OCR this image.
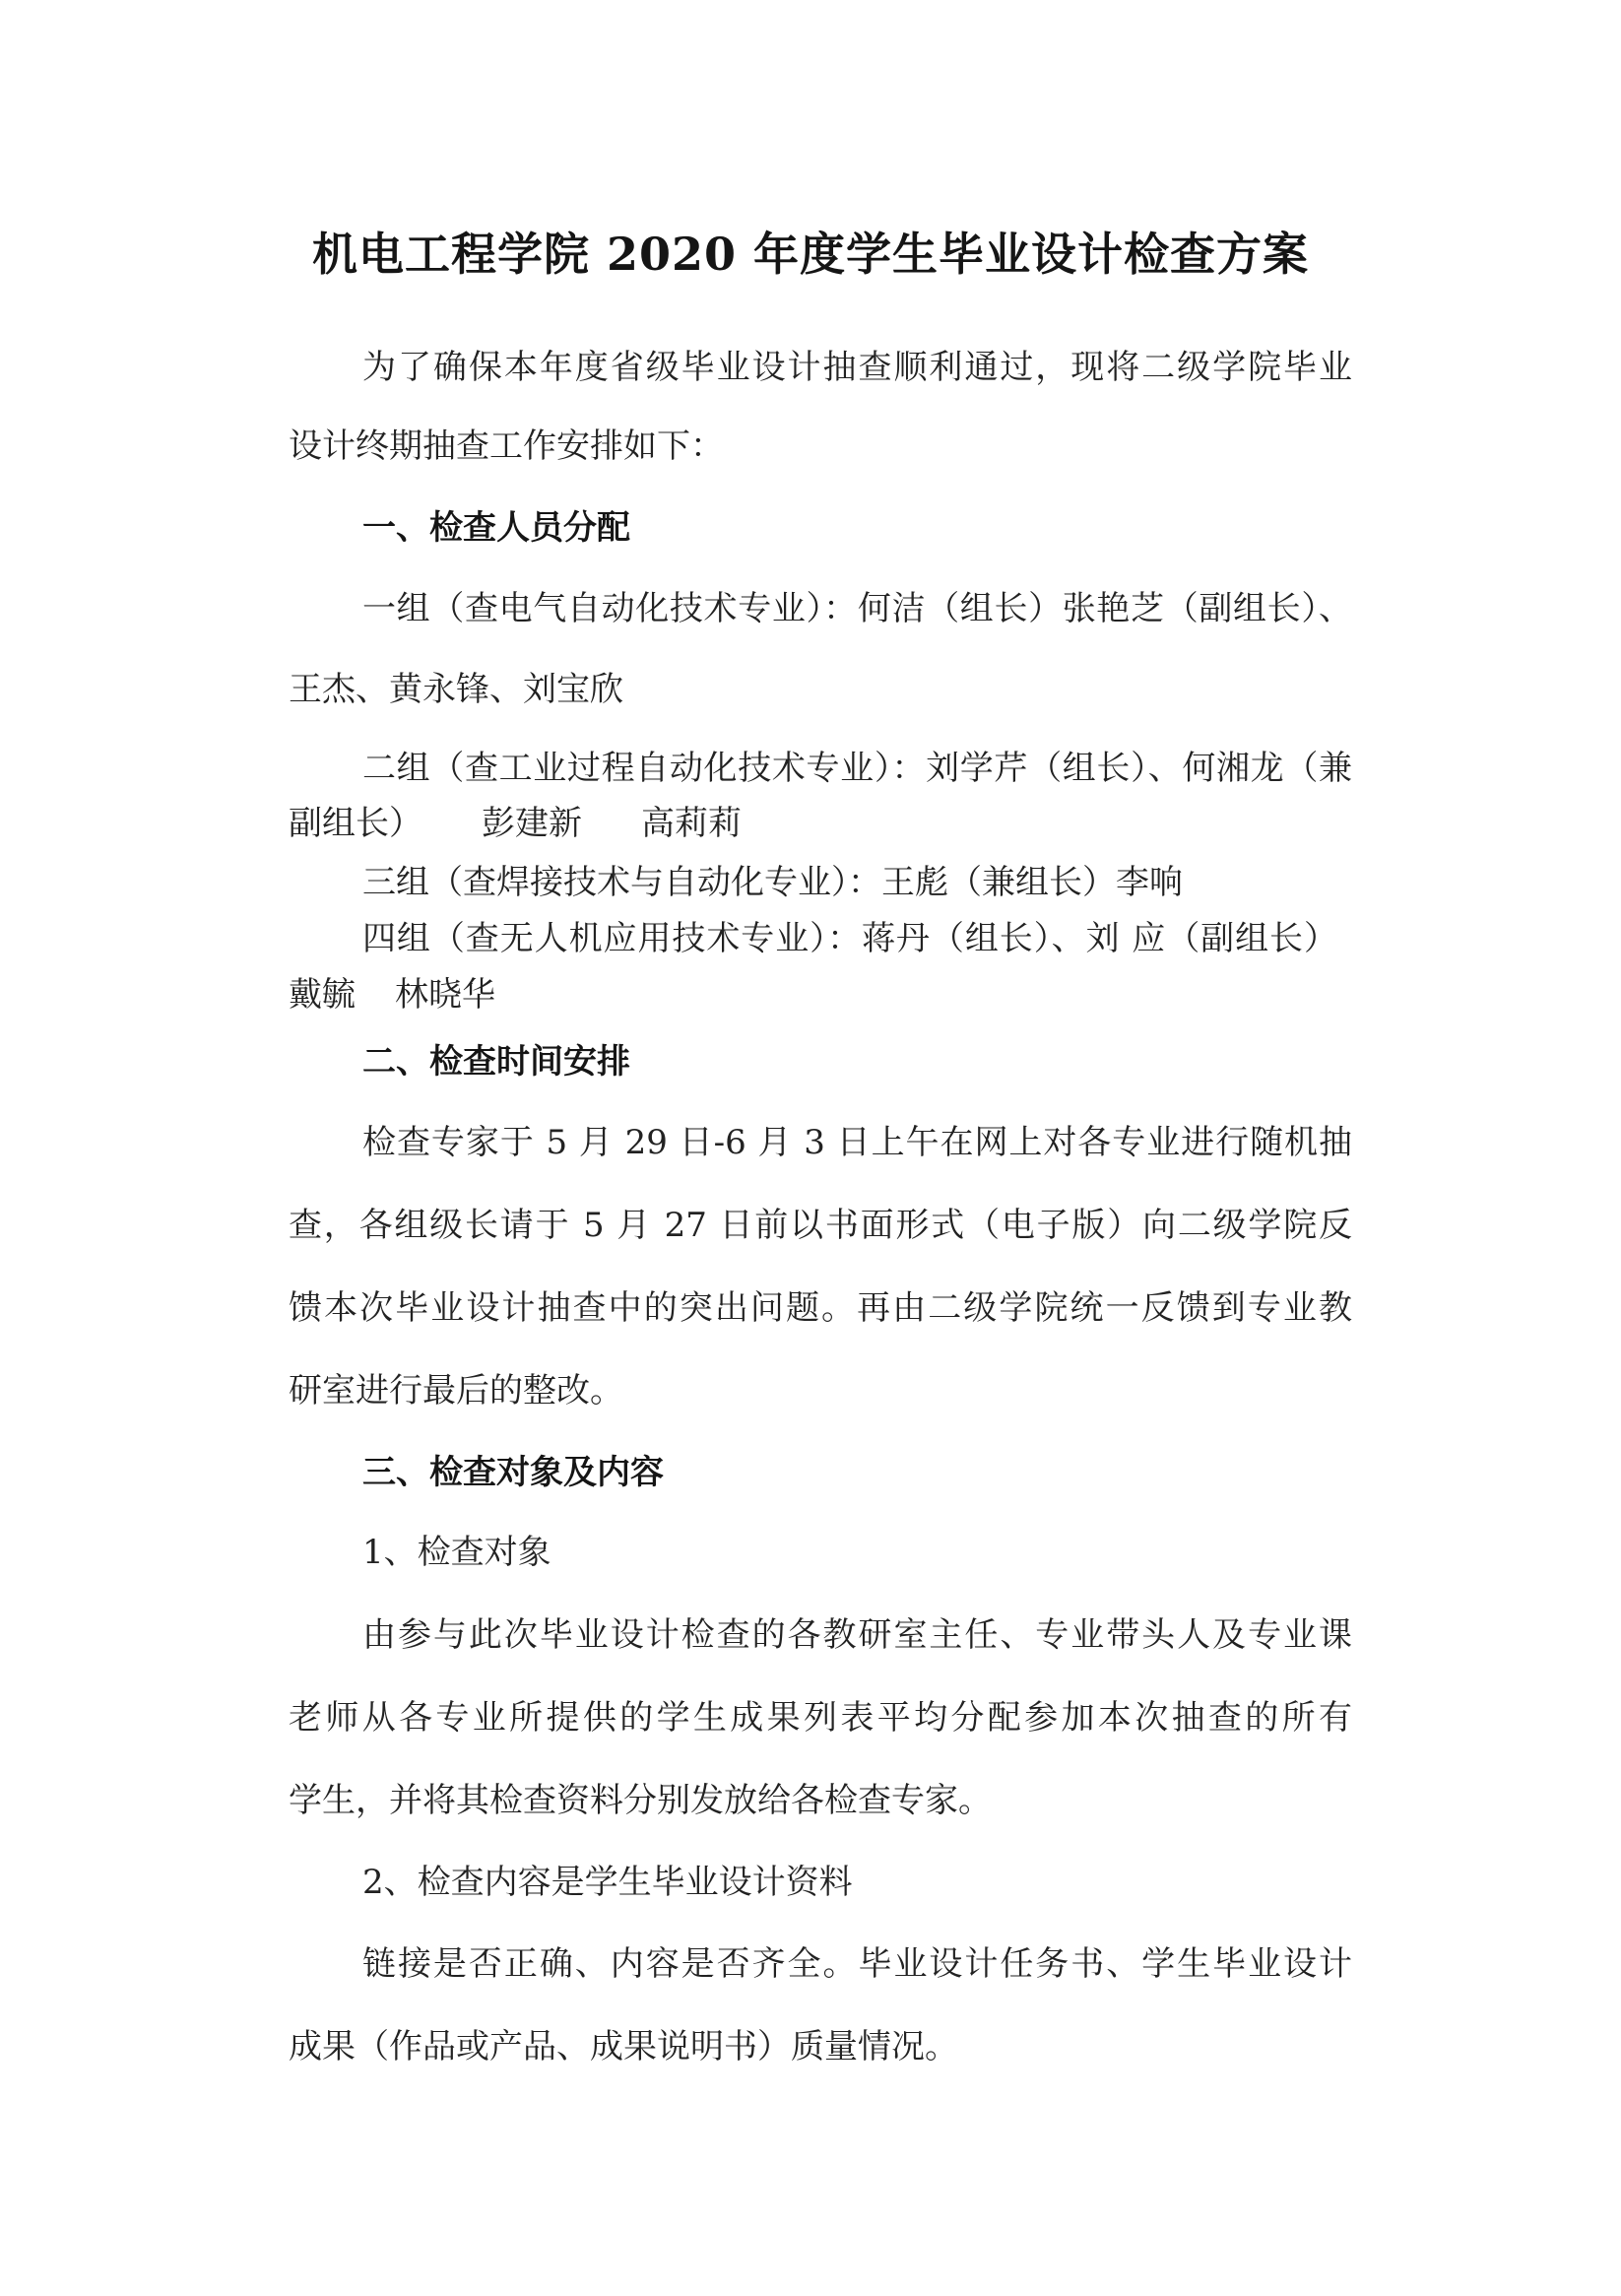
机电工程学院 2020 年度学生毕业设计检查方案
为了确保本年度省级毕业设计抽查顺利通过，现将二级学院毕业
设计终期抽查工作安排如下：
一、检查人员分配
一组（查电气自动化技术专业）：何洁（组长）张艳芝（副组长）、
王杰、黄永锋、刘宝欣
二组（查工业过程自动化技术专业）：刘学芹（组长）、何湘龙（兼
副组长） 彭建新 高莉莉
三组（查焊接技术与自动化专业）：王彪（兼组长）李响
四组（查无人机应用技术专业）：蒋丹（组长）、刘 应（副组长）
戴毓 林晓华
二、检查时间安排
检查专家于 5 月 29 日-6 月 3 日上午在网上对各专业进行随机抽
查，各组级长请于 5 月 27 日前以书面形式（电子版）向二级学院反
馈本次毕业设计抽查中的突出问题。再由二级学院统一反馈到专业教
研室进行最后的整改。
三、检查对象及内容
1、检查对象
由参与此次毕业设计检查的各教研室主任、专业带头人及专业课
老师从各专业所提供的学生成果列表平均分配参加本次抽查的所有
学生，并将其检查资料分别发放给各检查专家。
2、检查内容是学生毕业设计资料
链接是否正确、内容是否齐全。毕业设计任务书、学生毕业设计
成果（作品或产品、成果说明书）质量情况。
